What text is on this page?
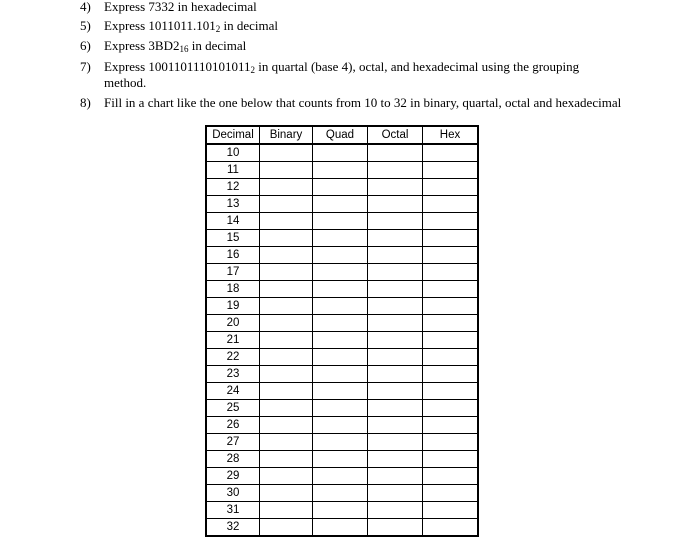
4) Express 7332 in hexadecimal
5) Express $1011011.101_2$ in decimal
6) Express $3BD2_{16}$ in decimal
7) Express $1001101110101011_2$ in quartal (base 4), octal, and hexadecimal using the grouping
method.
8) Fill in a chart like the one below that counts from 10 to 32 in binary, quartal, octal and hexadecimal
Decimal	Binary	Quad	Octal	Hex
10				
11				
12				
13				
14				
15				
16				
17				
18				
19				
20				
21				
22				
23				
24				
25				
26				
27				
28				
29				
30				
31				
32				
